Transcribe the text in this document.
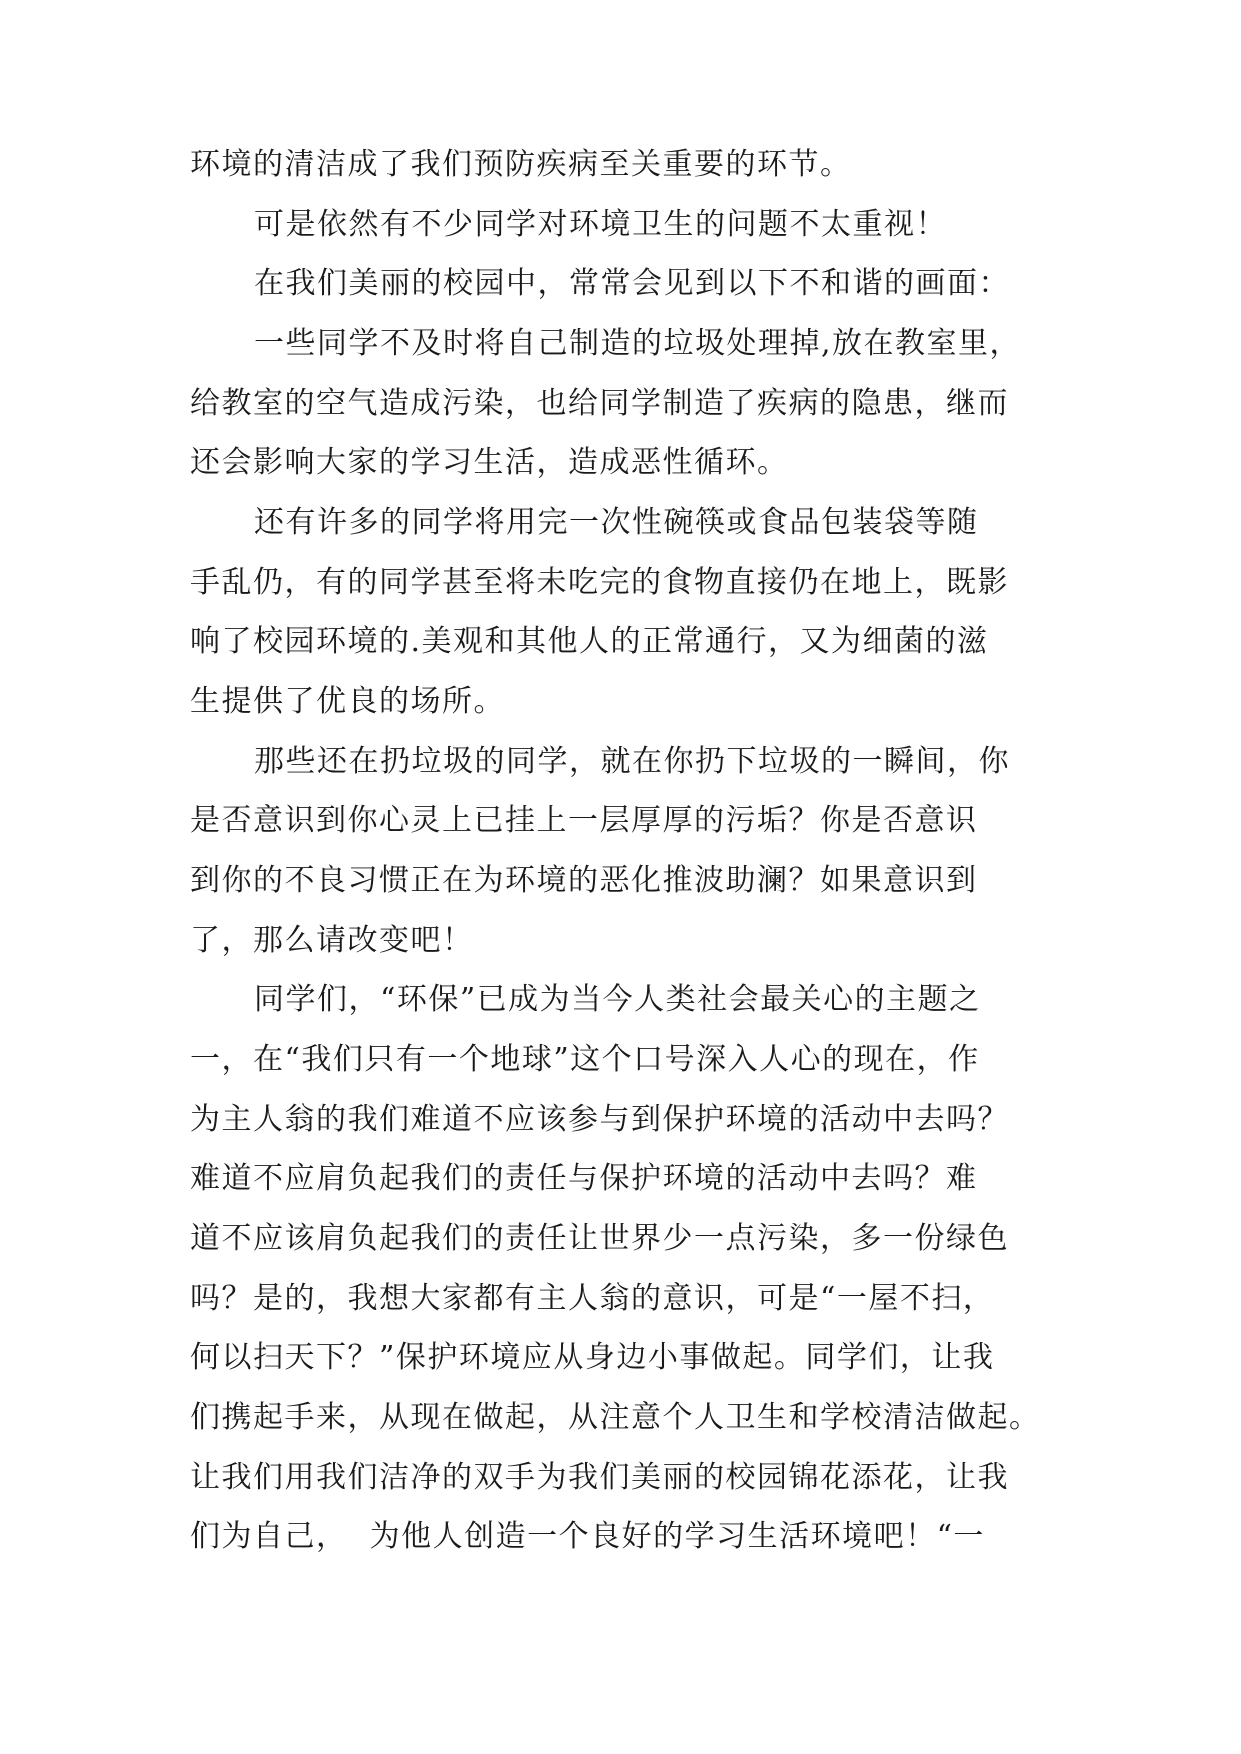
环境的清洁成了我们预防疾病至关重要的环节。

可是依然有不少同学对环境卫生的问题不太重视！

在我们美丽的校园中，常常会见到以下不和谐的画面：

一些同学不及时将自己制造的垃圾处理掉,放在教室里，

给教室的空气造成污染，也给同学制造了疾病的隐患，继而

还会影响大家的学习生活，造成恶性循环。

还有许多的同学将用完一次性碗筷或食品包装袋等随

手乱仍，有的同学甚至将未吃完的食物直接仍在地上，既影

响了校园环境的.美观和其他人的正常通行，又为细菌的滋

生提供了优良的场所。

那些还在扔垃圾的同学，就在你扔下垃圾的一瞬间，你

是否意识到你心灵上已挂上一层厚厚的污垢？你是否意识

到你的不良习惯正在为环境的恶化推波助澜？如果意识到

了，那么请改变吧！

同学们，“环保”已成为当今人类社会最关心的主题之

一，在“我们只有一个地球”这个口号深入人心的现在，作

为主人翁的我们难道不应该参与到保护环境的活动中去吗？

难道不应肩负起我们的责任与保护环境的活动中去吗？难

道不应该肩负起我们的责任让世界少一点污染，多一份绿色

吗？是的，我想大家都有主人翁的意识，可是“一屋不扫，

何以扫天下？”保护环境应从身边小事做起。同学们，让我

们携起手来，从现在做起，从注意个人卫生和学校清洁做起。

让我们用我们洁净的双手为我们美丽的校园锦花添花，让我

们为自己，  为他人创造一个良好的学习生活环境吧！“一
